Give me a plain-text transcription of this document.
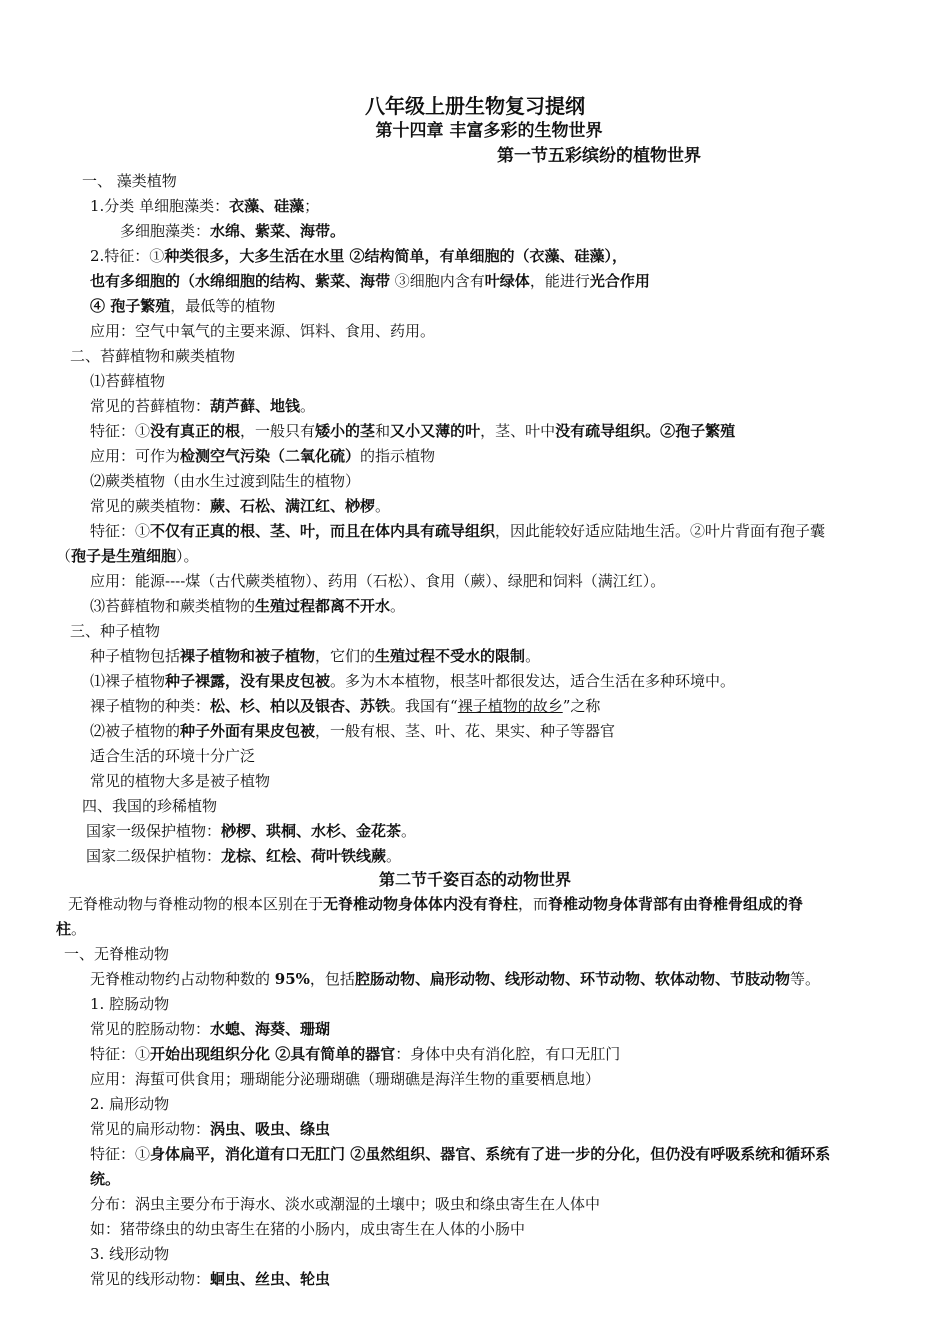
八年级上册生物复习提纲
第十四章 丰富多彩的生物世界
第一节五彩缤纷的植物世界
一、 藻类植物
1.分类 单细胞藻类：衣藻、硅藻；
多细胞藻类：水绵、紫菜、海带。
2.特征：①种类很多，大多生活在水里 ②结构简单，有单细胞的（衣藻、硅藻），
也有多细胞的（水绵细胞的结构、紫菜、海带 ③细胞内含有叶绿体，能进行光合作用
④ 孢子繁殖，最低等的植物
应用：空气中氧气的主要来源、饵料、食用、药用。
二、苔藓植物和蕨类植物
⑴苔藓植物
常见的苔藓植物：葫芦藓、地钱。
特征：①没有真正的根，一般只有矮小的茎和又小又薄的叶，茎、叶中没有疏导组织。②孢子繁殖
应用：可作为检测空气污染（二氧化硫）的指示植物
⑵蕨类植物（由水生过渡到陆生的植物）
常见的蕨类植物：蕨、石松、满江红、桫椤。
特征：①不仅有正真的根、茎、叶，而且在体内具有疏导组织，因此能较好适应陆地生活。②叶片背面有孢子囊
（孢子是生殖细胞）。
应用：能源----煤（古代蕨类植物）、药用（石松）、食用（蕨）、绿肥和饲料（满江红）。
⑶苔藓植物和蕨类植物的生殖过程都离不开水。
三、种子植物
种子植物包括裸子植物和被子植物，它们的生殖过程不受水的限制。
⑴裸子植物种子裸露，没有果皮包被。多为木本植物，根茎叶都很发达，适合生活在多种环境中。
裸子植物的种类：松、杉、柏以及银杏、苏铁。我国有“裸子植物的故乡”之称
⑵被子植物的种子外面有果皮包被，一般有根、茎、叶、花、果实、种子等器官
适合生活的环境十分广泛
常见的植物大多是被子植物
四、我国的珍稀植物
国家一级保护植物：桫椤、珙桐、水杉、金花茶。
国家二级保护植物：龙棕、红桧、荷叶铁线蕨。
第二节千姿百态的动物世界
无脊椎动物与脊椎动物的根本区别在于无脊椎动物身体体内没有脊柱，而脊椎动物身体背部有由脊椎骨组成的脊
柱。
一、无脊椎动物
无脊椎动物约占动物种数的 95%，包括腔肠动物、扁形动物、线形动物、环节动物、软体动物、节肢动物等。
1. 腔肠动物
常见的腔肠动物：水螅、海葵、珊瑚
特征：①开始出现组织分化 ②具有简单的器官：身体中央有消化腔，有口无肛门
应用：海蜇可供食用；珊瑚能分泌珊瑚礁（珊瑚礁是海洋生物的重要栖息地）
2. 扁形动物
常见的扁形动物：涡虫、吸虫、绦虫
特征：①身体扁平，消化道有口无肛门 ②虽然组织、器官、系统有了进一步的分化，但仍没有呼吸系统和循环系
统。
分布：涡虫主要分布于海水、淡水或潮湿的土壤中；吸虫和绦虫寄生在人体中
如：猪带绦虫的幼虫寄生在猪的小肠内，成虫寄生在人体的小肠中
3. 线形动物
常见的线形动物：蛔虫、丝虫、轮虫
